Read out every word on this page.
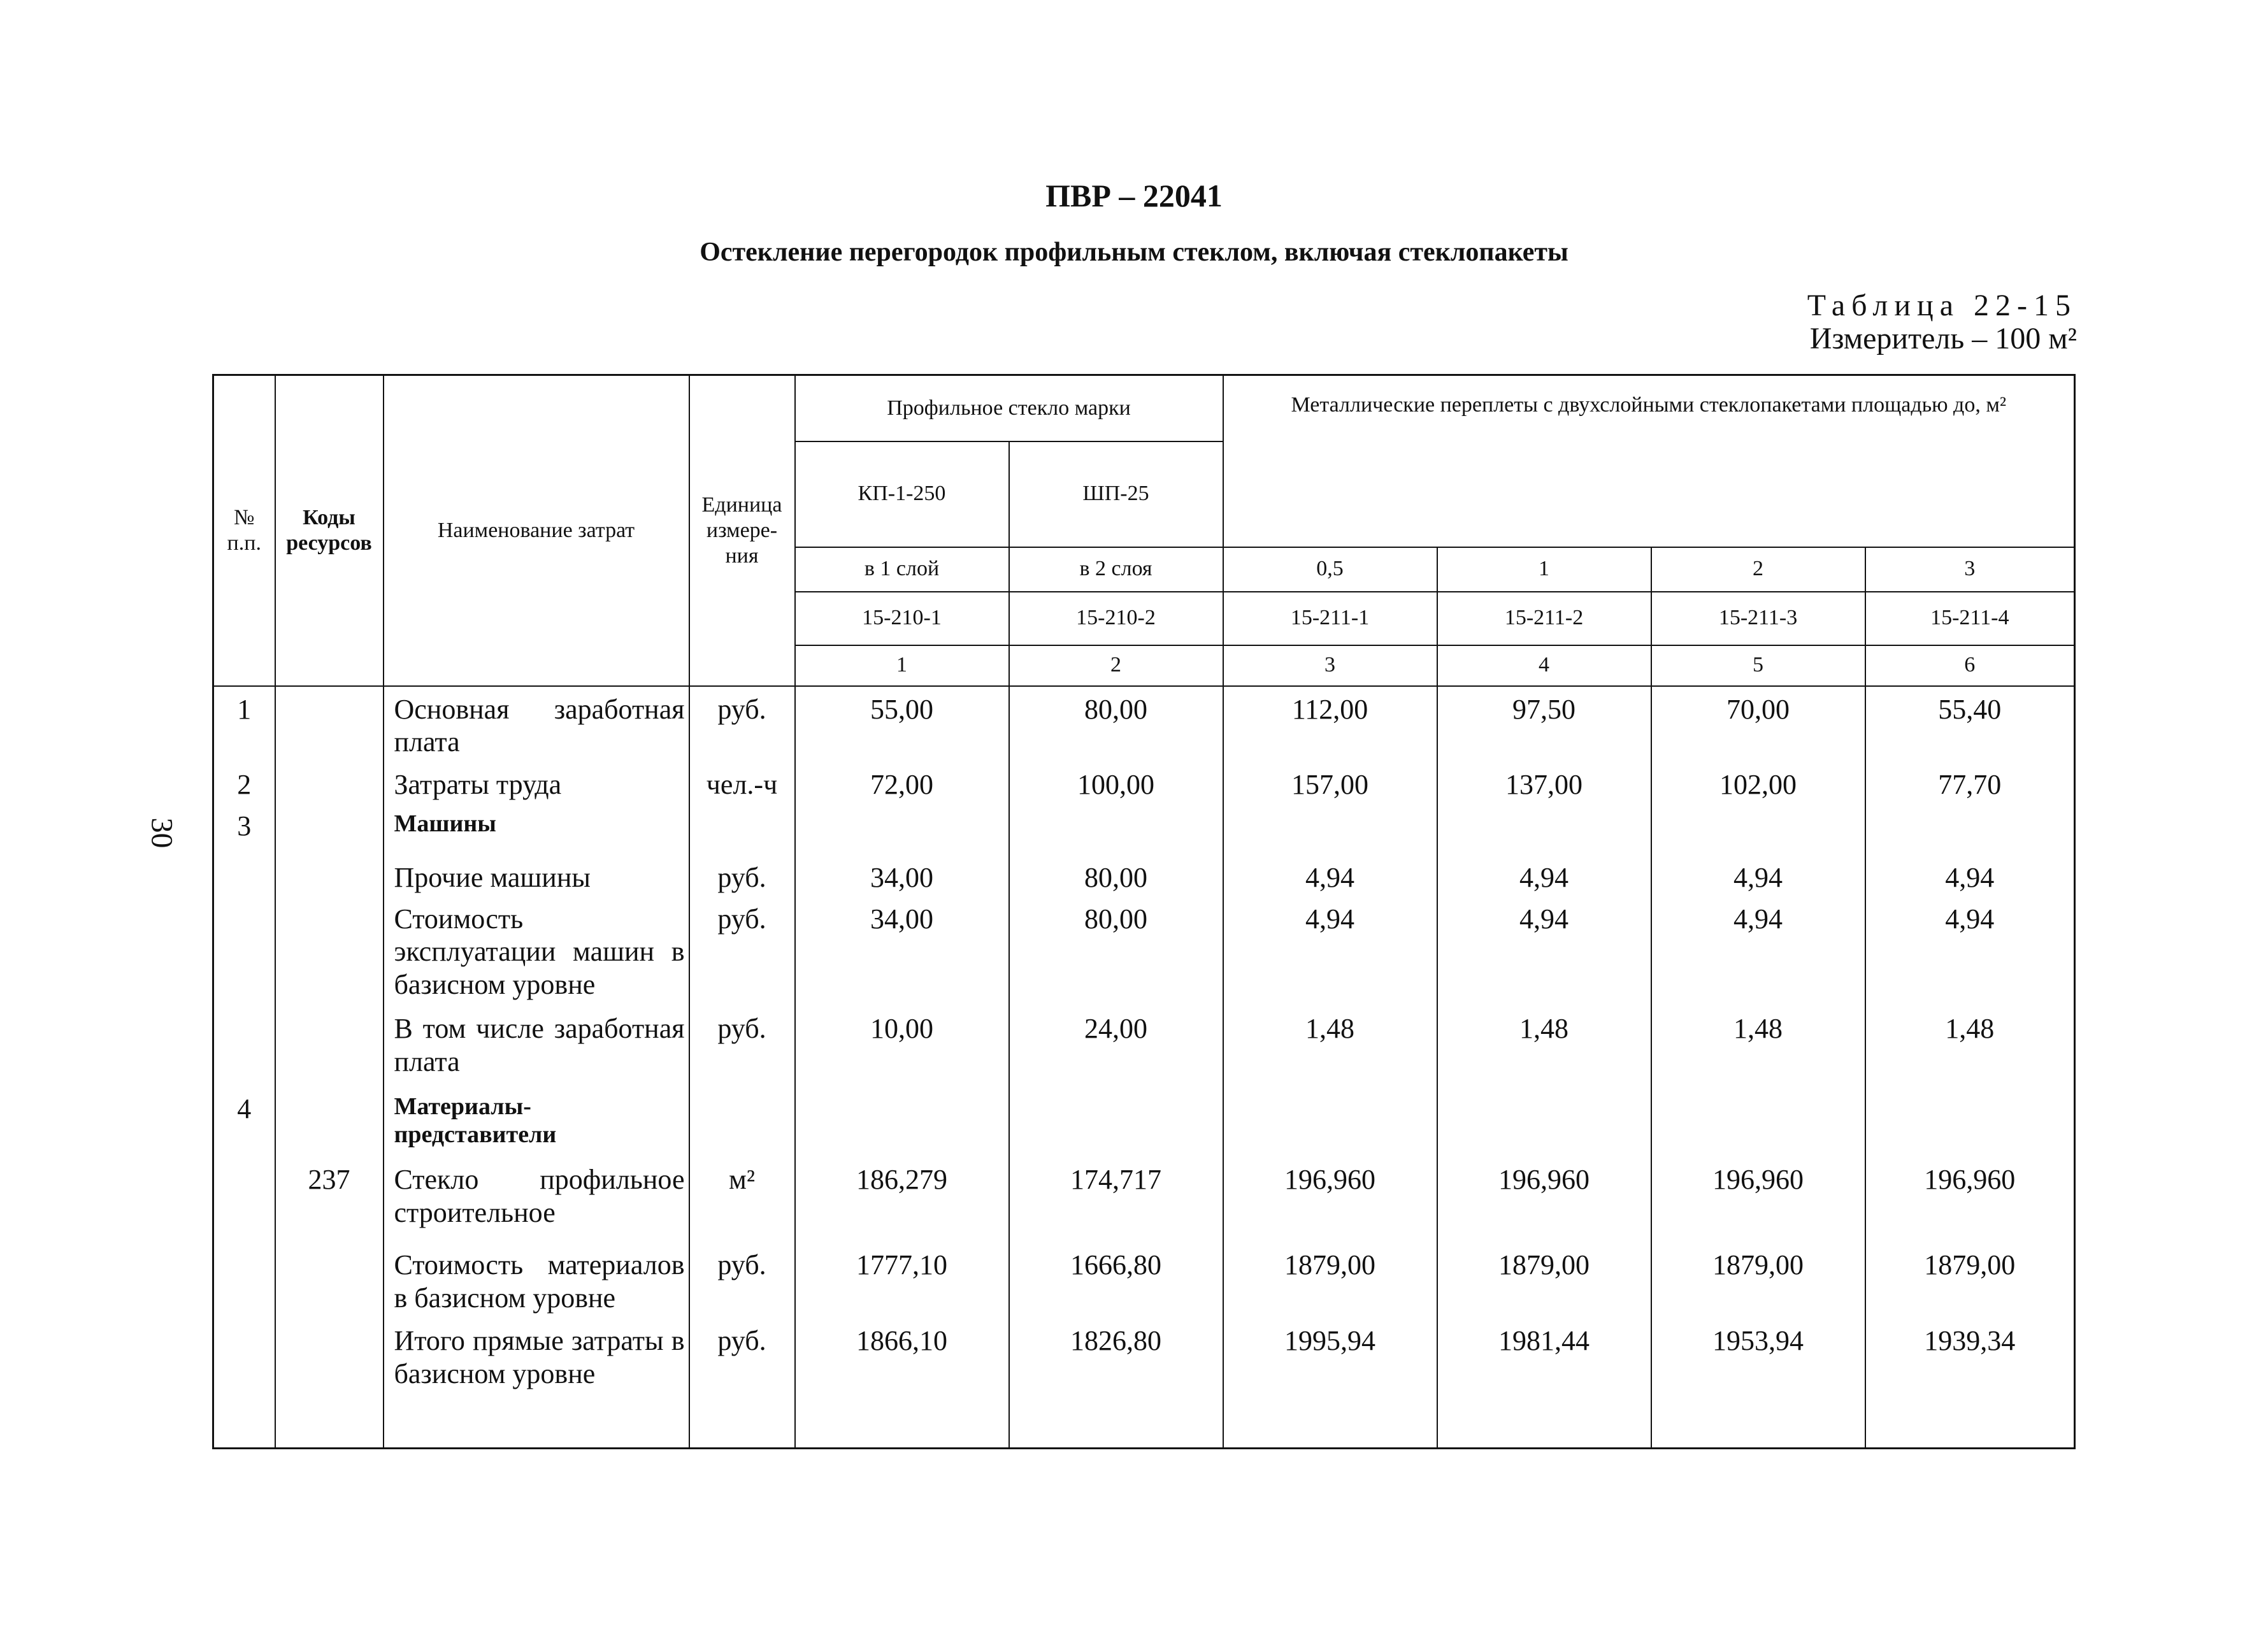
ПВР – 22041
Остекление перегородок профильным стеклом, включая стеклопакеты
Таблица 22-15
Измеритель – 100 м²
30
№ п.п.	Коды ресурсов	Наименование затрат	Единица измере- ния	Профильное стекло марки		Металлические переплеты с двухслойными стеклопакетами площадью до, м²			
				КП-1-250	ШП-25				
				в 1 слой	в 2 слоя	0,5	1	2	3
				15-210-1	15-210-2	15-211-1	15-211-2	15-211-3	15-211-4
				1	2	3	4	5	6
1		Основная заработная плата	руб.	55,00	80,00	112,00	97,50	70,00	55,40
2		Затраты труда	чел.-ч	72,00	100,00	157,00	137,00	102,00	77,70
3		Машины							
		Прочие машины	руб.	34,00	80,00	4,94	4,94	4,94	4,94
		Стоимость эксплуатации машин в базисном уровне	руб.	34,00	80,00	4,94	4,94	4,94	4,94
		В том числе заработная плата	руб.	10,00	24,00	1,48	1,48	1,48	1,48
4		Материалы-представители							
	237	Стекло профильное строительное	м²	186,279	174,717	196,960	196,960	196,960	196,960
		Стоимость материалов в базисном уровне	руб.	1777,10	1666,80	1879,00	1879,00	1879,00	1879,00
		Итого прямые затраты в базисном уровне	руб.	1866,10	1826,80	1995,94	1981,44	1953,94	1939,34
